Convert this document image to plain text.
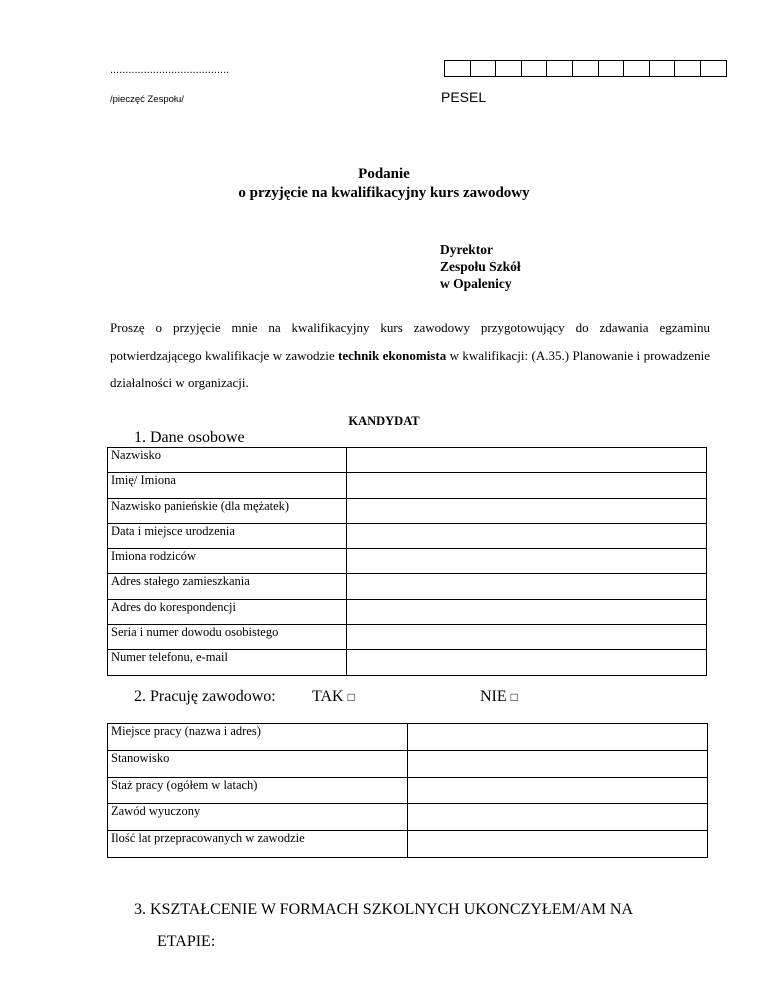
.......................................
/pieczęć Zespołu/	PESEL
Podanie
o przyjęcie na kwalifikacyjny kurs zawodowy
Dyrektor
Zespołu Szkół
w Opalenicy
Proszę o przyjęcie mnie na kwalifikacyjny kurs zawodowy przygotowujący do zdawania egzaminu potwierdzającego kwalifikacje w zawodzie technik ekonomista w kwalifikacji: (A.35.) Planowanie i prowadzenie działalności w organizacji.
KANDYDAT
1. Dane osobowe
Nazwisko	
Imię/ Imiona	
Nazwisko panieńskie (dla mężatek)	
Data i miejsce urodzenia	
Imiona rodziców	
Adres stałego zamieszkania	
Adres do korespondencji	
Seria i numer dowodu osobistego	
Numer telefonu, e-mail	
2. Pracuję zawodowo: TAK □	NIE □
Miejsce pracy (nazwa i adres)	
Stanowisko	
Staż pracy (ogółem w latach)	
Zawód wyuczony	
Ilość lat przepracowanych w zawodzie	
3. KSZTAŁCENIE W FORMACH SZKOLNYCH UKONCZYŁEM/AM NA
ETAPIE:
